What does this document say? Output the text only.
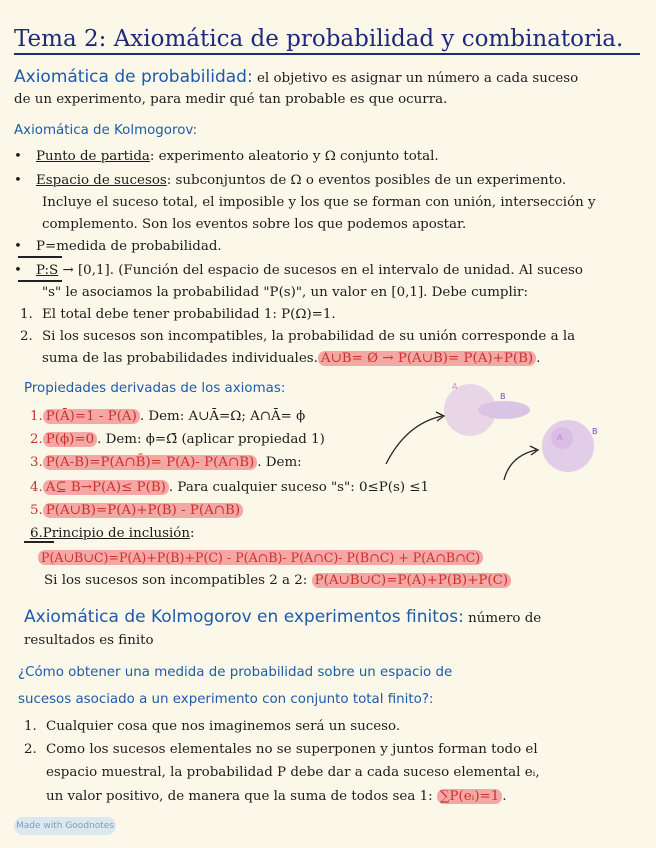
Tema 2: Axiomática de probabilidad y combinatoria.
Axiomática de probabilidad: el objetivo es asignar un número a cada suceso
de un experimento, para medir qué tan probable es que ocurra.
Axiomática de Kolmogorov:
• Punto de partida: experimento aleatorio y Ω conjunto total.
• Espacio de sucesos: subconjuntos de Ω o eventos posibles de un experimento.
Incluye el suceso total, el imposible y los que se forman con unión, intersección y
complemento. Son los eventos sobre los que podemos apostar.
• P=medida de probabilidad.
• P:S → [0,1]. (Función del espacio de sucesos en el intervalo de unidad. Al suceso
"s" le asociamos la probabilidad "P(s)", un valor en [0,1]. Debe cumplir:
1. El total debe tener probabilidad 1: P(Ω)=1.
2. Si los sucesos son incompatibles, la probabilidad de su unión corresponde a la
suma de las probabilidades individuales. A∪B= Ø → P(A∪B)= P(A)+P(B) .
Propiedades derivadas de los axiomas:
1. P(Ā)=1 - P(A) . Dem: A∪Ā=Ω; A∩Ā= ϕ
2. P(ϕ)=0 . Dem: ϕ=Ω̄ (aplicar propiedad 1)
3. P(A-B)=P(A∩B̄)= P(A)- P(A∩B) . Dem:
4. A⊆ B→P(A)≤ P(B) . Para cualquier suceso "s": 0≤P(s) ≤1
5. P(A∪B)=P(A)+P(B) - P(A∩B)
6.Principio de inclusión:
P(A∪B∪C)=P(A)+P(B)+P(C) - P(A∩B)- P(A∩C)- P(B∩C) + P(A∩B∩C)
Si los sucesos son incompatibles 2 a 2: P(A∪B∪C)=P(A)+P(B)+P(C)
A
B
A
B
Axiomática de Kolmogorov en experimentos finitos: número de
resultados es finito
¿Cómo obtener una medida de probabilidad sobre un espacio de
sucesos asociado a un experimento con conjunto total finito?:
1. Cualquier cosa que nos imaginemos será un suceso.
2. Como los sucesos elementales no se superponen y juntos forman todo el
espacio muestral, la probabilidad P debe dar a cada suceso elemental eᵢ,
un valor positivo, de manera que la suma de todos sea 1: ∑P(eᵢ)=1 .
Made with Goodnotes
